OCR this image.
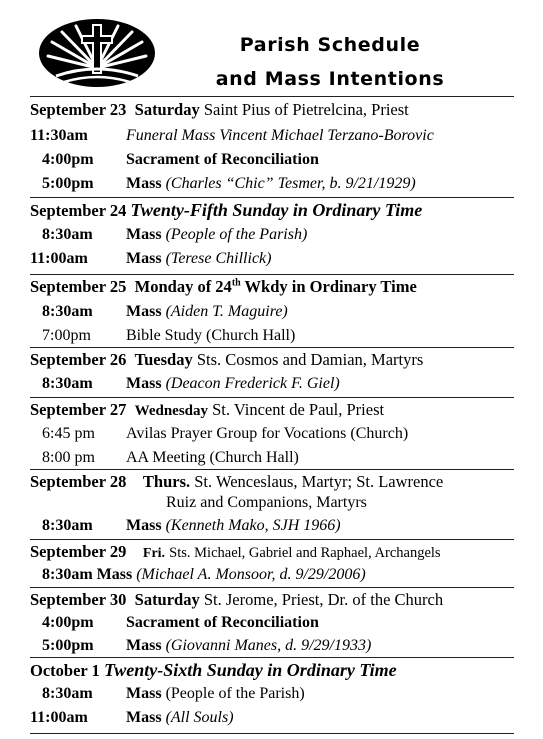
Parish Schedule
and Mass Intentions
September 23 Saturday Saint Pius of Pietrelcina, Priest
11:30am Funeral Mass Vincent Michael Terzano-Borovic
4:00pm Sacrament of Reconciliation
5:00pm Mass (Charles “Chic” Tesmer, b. 9/21/1929)
September 24 Twenty-Fifth Sunday in Ordinary Time
8:30am Mass (People of the Parish)
11:00am Mass (Terese Chillick)
September 25 Monday of 24th Wkdy in Ordinary Time
8:30am Mass (Aiden T. Maguire)
7:00pm Bible Study (Church Hall)
September 26 Tuesday Sts. Cosmos and Damian, Martyrs
8:30am Mass (Deacon Frederick F. Giel)
September 27 Wednesday St. Vincent de Paul, Priest
6:45 pm Avilas Prayer Group for Vocations (Church)
8:00 pm AA Meeting (Church Hall)
September 28 Thurs. St. Wenceslaus, Martyr; St. Lawrence
Ruiz and Companions, Martyrs
8:30am Mass (Kenneth Mako, SJH 1966)
September 29 Fri. Sts. Michael, Gabriel and Raphael, Archangels
8:30am Mass (Michael A. Monsoor, d. 9/29/2006)
September 30 Saturday St. Jerome, Priest, Dr. of the Church
4:00pm Sacrament of Reconciliation
5:00pm Mass (Giovanni Manes, d. 9/29/1933)
October 1 Twenty-Sixth Sunday in Ordinary Time
8:30am Mass (People of the Parish)
11:00am Mass (All Souls)
